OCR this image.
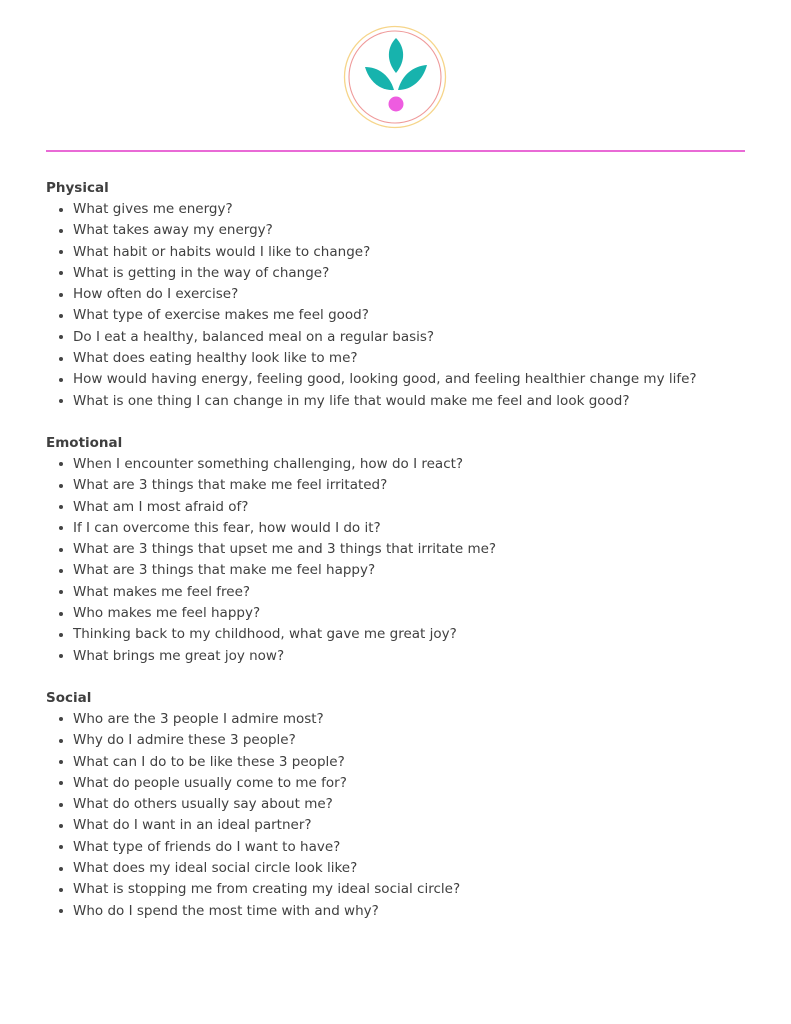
Physical
What gives me energy?
What takes away my energy?
What habit or habits would I like to change?
What is getting in the way of change?
How often do I exercise?
What type of exercise makes me feel good?
Do I eat a healthy, balanced meal on a regular basis?
What does eating healthy look like to me?
How would having energy, feeling good, looking good, and feeling healthier change my life?
What is one thing I can change in my life that would make me feel and look good?
Emotional
When I encounter something challenging, how do I react?
What are 3 things that make me feel irritated?
What am I most afraid of?
If I can overcome this fear, how would I do it?
What are 3 things that upset me and 3 things that irritate me?
What are 3 things that make me feel happy?
What makes me feel free?
Who makes me feel happy?
Thinking back to my childhood, what gave me great joy?
What brings me great joy now?
Social
Who are the 3 people I admire most?
Why do I admire these 3 people?
What can I do to be like these 3 people?
What do people usually come to me for?
What do others usually say about me?
What do I want in an ideal partner?
What type of friends do I want to have?
What does my ideal social circle look like?
What is stopping me from creating my ideal social circle?
Who do I spend the most time with and why?
